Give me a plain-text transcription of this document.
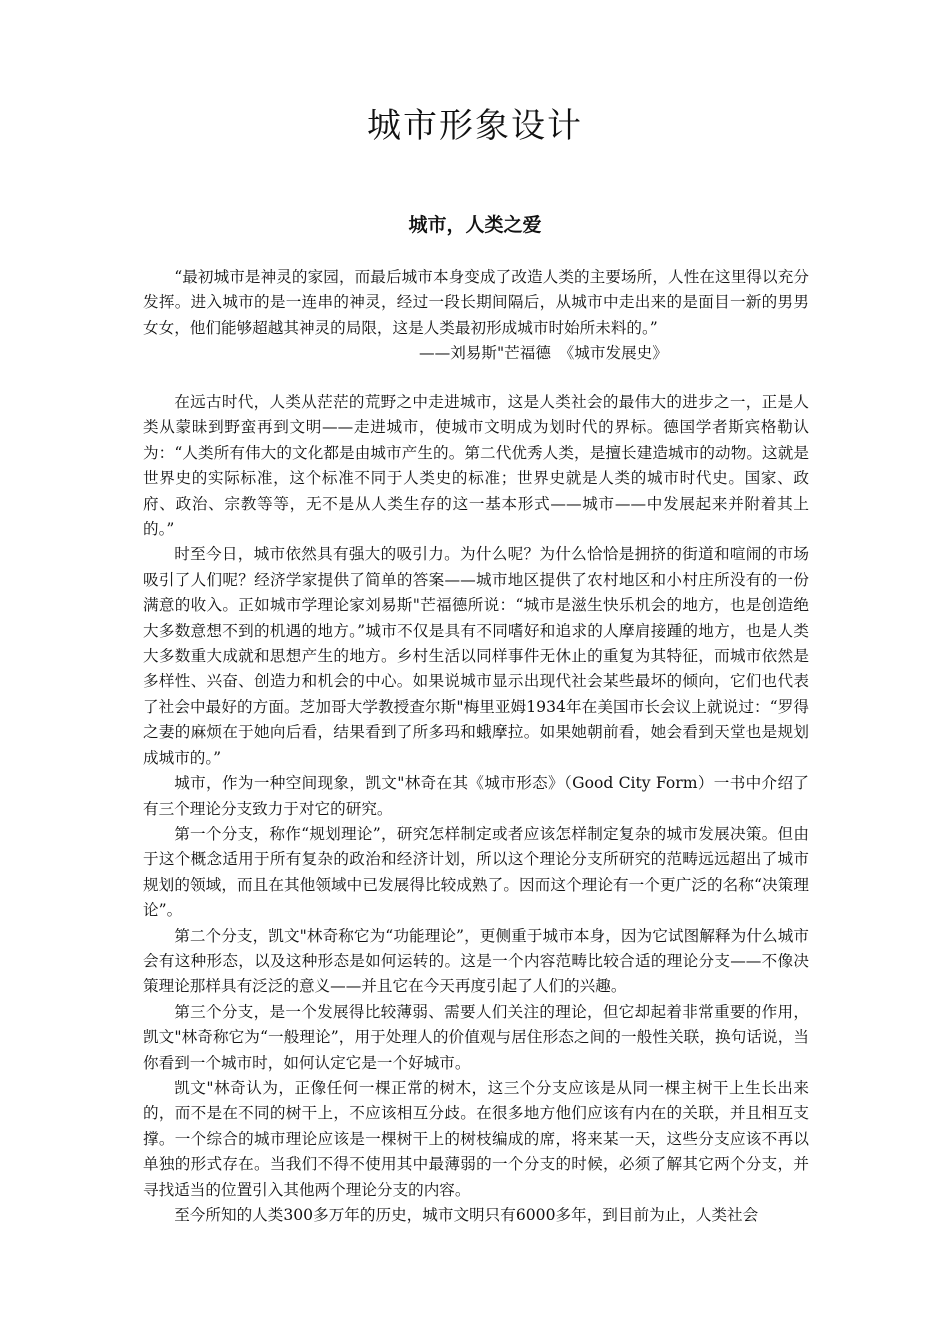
城市形象设计
城市，人类之爱

“最初城市是神灵的家园，而最后城市本身变成了改造人类的主要场所，人性在这里得以充分发挥。进入城市的是一连串的神灵，经过一段长期间隔后，从城市中走出来的是面目一新的男男女女，他们能够超越其神灵的局限，这是人类最初形成城市时始所未料的。”

——刘易斯"芒福德　《城市发展史》

在远古时代，人类从茫茫的荒野之中走进城市，这是人类社会的最伟大的进步之一，正是人类从蒙昧到野蛮再到文明——走进城市，使城市文明成为划时代的界标。德国学者斯宾格勒认为：“人类所有伟大的文化都是由城市产生的。第二代优秀人类，是擅长建造城市的动物。这就是世界史的实际标准，这个标准不同于人类史的标准；世界史就是人类的城市时代史。国家、政府、政治、宗教等等，无不是从人类生存的这一基本形式——城市——中发展起来并附着其上的。”

时至今日，城市依然具有强大的吸引力。为什么呢？为什么恰恰是拥挤的街道和喧闹的市场吸引了人们呢？经济学家提供了简单的答案——城市地区提供了农村地区和小村庄所没有的一份满意的收入。正如城市学理论家刘易斯"芒福德所说：“城市是滋生快乐机会的地方，也是创造绝大多数意想不到的机遇的地方。”城市不仅是具有不同嗜好和追求的人摩肩接踵的地方，也是人类大多数重大成就和思想产生的地方。乡村生活以同样事件无休止的重复为其特征，而城市依然是多样性、兴奋、创造力和机会的中心。如果说城市显示出现代社会某些最坏的倾向，它们也代表了社会中最好的方面。芝加哥大学教授查尔斯"梅里亚姆1934年在美国市长会议上就说过：“罗得之妻的麻烦在于她向后看，结果看到了所多玛和蛾摩拉。如果她朝前看，她会看到天堂也是规划成城市的。”

城市，作为一种空间现象，凯文"林奇在其《城市形态》（Good City Form）一书中介绍了有三个理论分支致力于对它的研究。

第一个分支，称作“规划理论”，研究怎样制定或者应该怎样制定复杂的城市发展决策。但由于这个概念适用于所有复杂的政治和经济计划，所以这个理论分支所研究的范畴远远超出了城市规划的领域，而且在其他领域中已发展得比较成熟了。因而这个理论有一个更广泛的名称“决策理论”。

第二个分支，凯文"林奇称它为“功能理论”，更侧重于城市本身，因为它试图解释为什么城市会有这种形态，以及这种形态是如何运转的。这是一个内容范畴比较合适的理论分支——不像决策理论那样具有泛泛的意义——并且它在今天再度引起了人们的兴趣。

第三个分支，是一个发展得比较薄弱、需要人们关注的理论，但它却起着非常重要的作用，凯文"林奇称它为“一般理论”，用于处理人的价值观与居住形态之间的一般性关联，换句话说，当你看到一个城市时，如何认定它是一个好城市。

凯文"林奇认为，正像任何一棵正常的树木，这三个分支应该是从同一棵主树干上生长出来的，而不是在不同的树干上，不应该相互分歧。在很多地方他们应该有内在的关联，并且相互支撑。一个综合的城市理论应该是一棵树干上的树枝编成的席，将来某一天，这些分支应该不再以单独的形式存在。当我们不得不使用其中最薄弱的一个分支的时候，必须了解其它两个分支，并寻找适当的位置引入其他两个理论分支的内容。

至今所知的人类300多万年的历史，城市文明只有6000多年，到目前为止，人类社会
